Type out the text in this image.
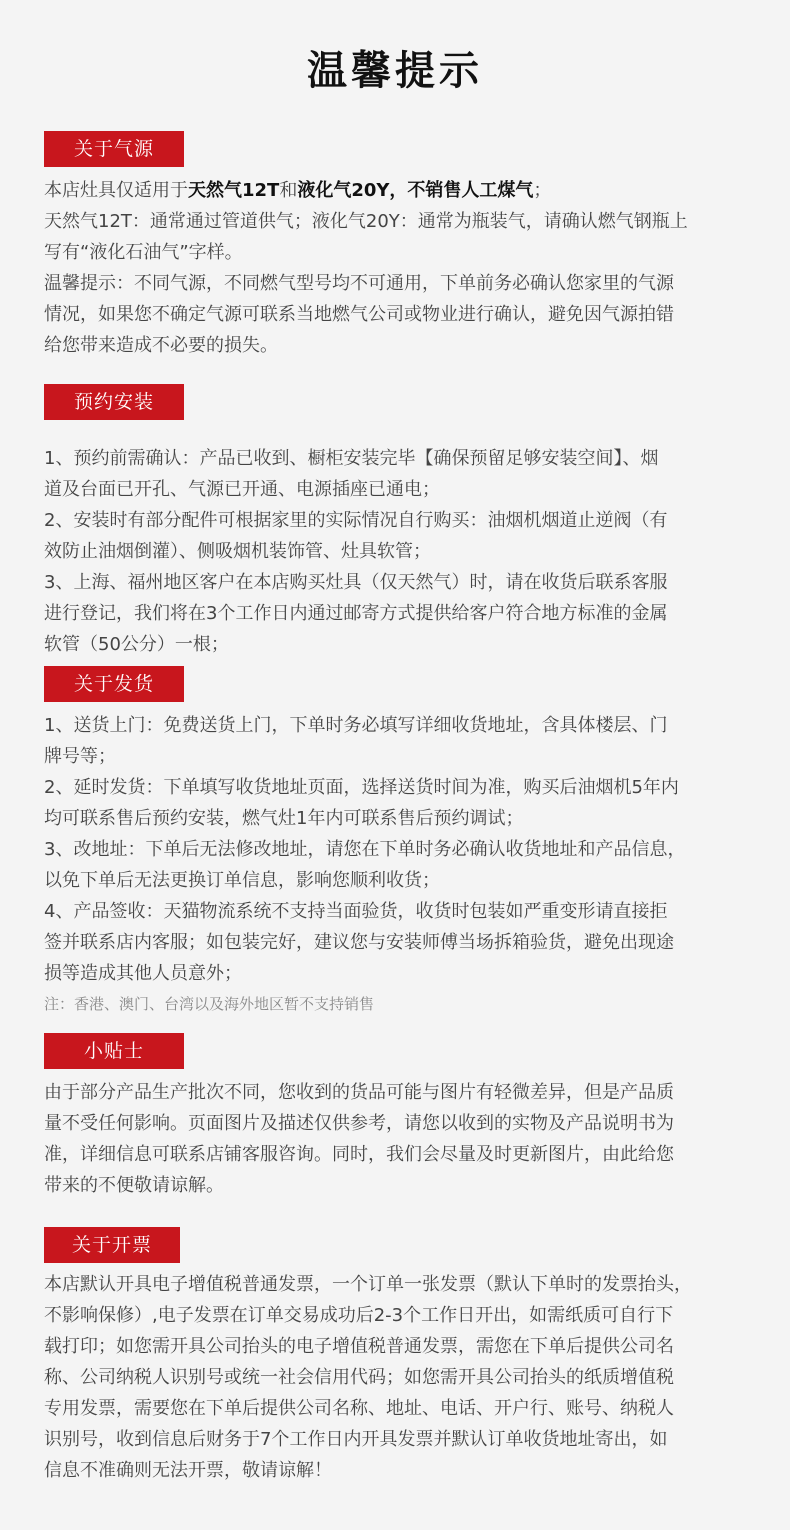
温馨提示
关于气源
本店灶具仅适用于天然气12T和液化气20Y，不销售人工煤气；
天然气12T：通常通过管道供气；液化气20Y：通常为瓶装气，请确认燃气钢瓶上
写有“液化石油气”字样。
温馨提示：不同气源，不同燃气型号均不可通用，下单前务必确认您家里的气源
情况，如果您不确定气源可联系当地燃气公司或物业进行确认，避免因气源拍错
给您带来造成不必要的损失。
预约安装
1、预约前需确认：产品已收到、橱柜安装完毕【确保预留足够安装空间】、烟
道及台面已开孔、气源已开通、电源插座已通电；
2、安装时有部分配件可根据家里的实际情况自行购买：油烟机烟道止逆阀（有
效防止油烟倒灌）、侧吸烟机装饰管、灶具软管；
3、上海、福州地区客户在本店购买灶具（仅天然气）时，请在收货后联系客服
进行登记，我们将在3个工作日内通过邮寄方式提供给客户符合地方标准的金属
软管（50公分）一根；
关于发货
1、送货上门：免费送货上门，下单时务必填写详细收货地址，含具体楼层、门
牌号等；
2、延时发货：下单填写收货地址页面，选择送货时间为准，购买后油烟机5年内
均可联系售后预约安装，燃气灶1年内可联系售后预约调试；
3、改地址：下单后无法修改地址，请您在下单时务必确认收货地址和产品信息，
以免下单后无法更换订单信息，影响您顺利收货；
4、产品签收：天猫物流系统不支持当面验货，收货时包装如严重变形请直接拒
签并联系店内客服；如包装完好，建议您与安装师傅当场拆箱验货，避免出现途
损等造成其他人员意外；
注：香港、澳门、台湾以及海外地区暂不支持销售
小贴士
由于部分产品生产批次不同，您收到的货品可能与图片有轻微差异，但是产品质
量不受任何影响。页面图片及描述仅供参考，请您以收到的实物及产品说明书为
准，详细信息可联系店铺客服咨询。同时，我们会尽量及时更新图片，由此给您
带来的不便敬请谅解。
关于开票
本店默认开具电子增值税普通发票，一个订单一张发票（默认下单时的发票抬头，
不影响保修）,电子发票在订单交易成功后2-3个工作日开出，如需纸质可自行下
载打印；如您需开具公司抬头的电子增值税普通发票，需您在下单后提供公司名
称、公司纳税人识别号或统一社会信用代码；如您需开具公司抬头的纸质增值税
专用发票，需要您在下单后提供公司名称、地址、电话、开户行、账号、纳税人
识别号，收到信息后财务于7个工作日内开具发票并默认订单收货地址寄出，如
信息不准确则无法开票，敬请谅解！
